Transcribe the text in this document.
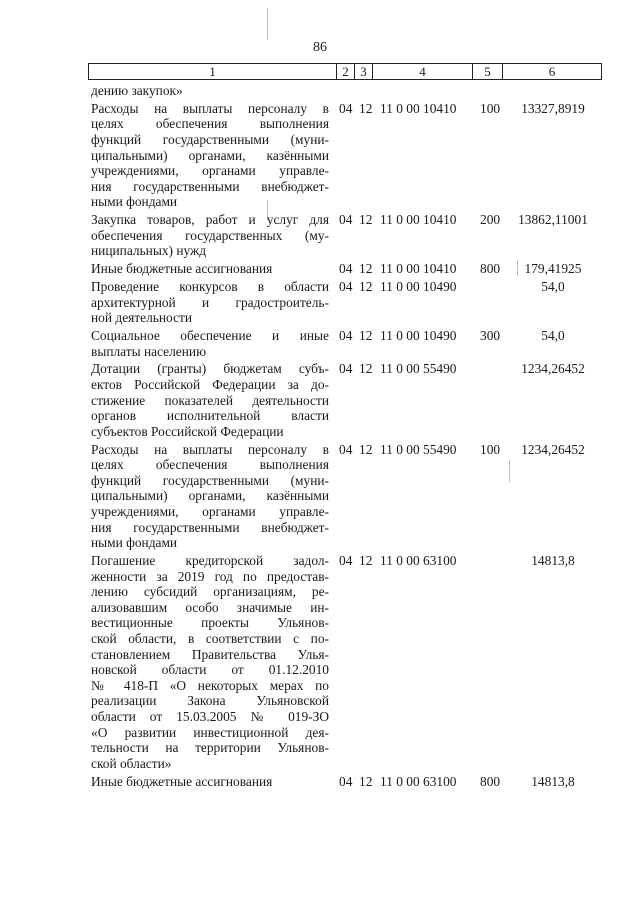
86
1	2 3	4	5	6
дению закупок»
Расходы на выплаты персоналу в
целях обеспечения выполнения
функций государственными (муни-
ципальными) органами, казёнными
учреждениями, органами управле-
ния государственными внебюджет-
ными фондами
04 12 11 0 00 10410 100	13327,8919
Закупка товаров, работ и услуг для
обеспечения государственных (му-
ниципальных) нужд
04 12 11 0 00 10410 200	13862,11001
Иные бюджетные ассигнования	04 12 11 0 00 10410 800	179,41925
Проведение конкурсов в области
архитектурной и градостроитель-
ной деятельности
04 12 11 0 00 10490	54,0
Социальное обеспечение и иные
выплаты населению
04 12 11 0 00 10490 300	54,0
Дотации (гранты) бюджетам субъ-
ектов Российской Федерации за до-
стижение показателей деятельности
органов исполнительной власти
субъектов Российской Федерации
04 12 11 0 00 55490	1234,26452
Расходы на выплаты персоналу в
целях обеспечения выполнения
функций государственными (муни-
ципальными) органами, казёнными
учреждениями, органами управле-
ния государственными внебюджет-
ными фондами
04 12 11 0 00 55490 100	1234,26452
Погашение кредиторской задол-
женности за 2019 год по предостав-
лению субсидий организациям, ре-
ализовавшим особо значимые ин-
вестиционные проекты Ульянов-
ской области, в соответствии с по-
становлением Правительства Улья-
новской области от 01.12.2010
№ 418-П «О некоторых мерах по
реализации Закона Ульяновской
области от 15.03.2005 № 019-ЗО
«О развитии инвестиционной дея-
тельности на территории Ульянов-
ской области»
04 12 11 0 00 63100	14813,8
Иные бюджетные ассигнования	04 12 11 0 00 63100 800	14813,8
